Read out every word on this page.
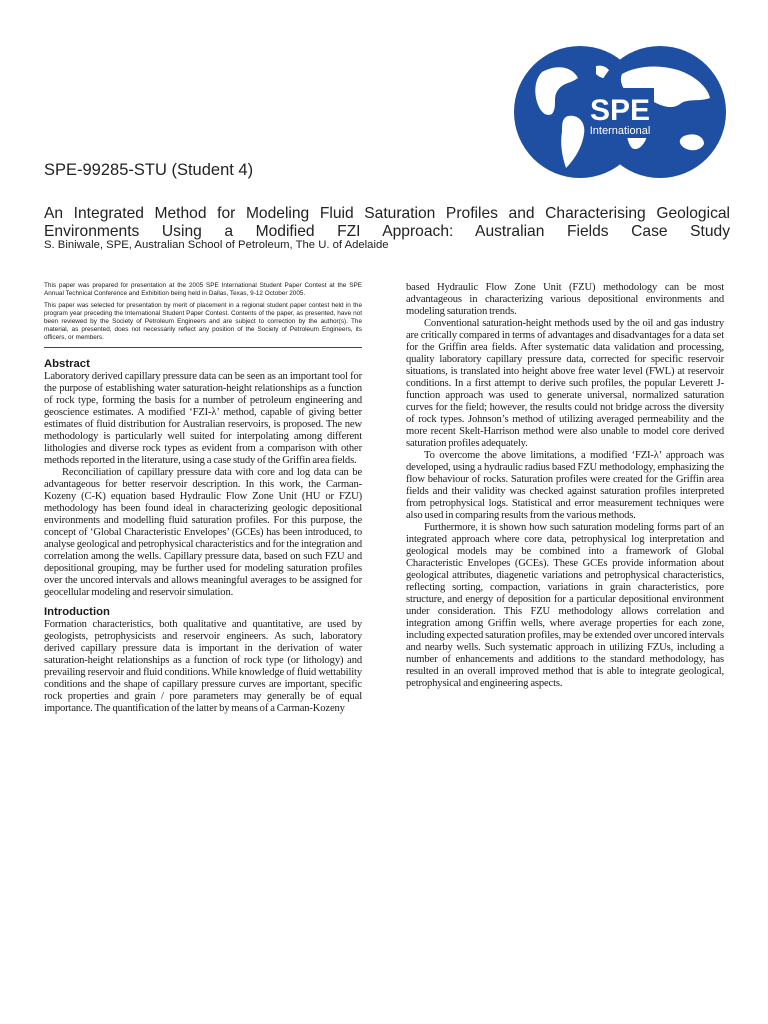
SPE
International
SPE-99285-STU (Student 4)
An Integrated Method for Modeling Fluid Saturation Profiles and Characterising Geological Environments Using a Modified FZI Approach: Australian Fields Case Study
S. Biniwale, SPE, Australian School of Petroleum, The U. of Adelaide

This paper was prepared for presentation at the 2005 SPE International Student Paper Contest at the SPE Annual Technical Conference and Exhibition being held in Dallas, Texas, 9-12 October 2005.

This paper was selected for presentation by merit of placement in a regional student paper contest held in the program year preceding the International Student Paper Contest. Contents of the paper, as presented, have not been reviewed by the Society of Petroleum Engineers and are subject to correction by the author(s). The material, as presented, does not necessarily reflect any position of the Society of Petroleum Engineers, its officers, or members.

Abstract

Laboratory derived capillary pressure data can be seen as an important tool for the purpose of establishing water saturation-height relationships as a function of rock type, forming the basis for a number of petroleum engineering and geoscience estimates. A modified ‘FZI-λ’ method, capable of giving better estimates of fluid distribution for Australian reservoirs, is proposed. The new methodology is particularly well suited for interpolating among different lithologies and diverse rock types as evident from a comparison with other methods reported in the literature, using a case study of the Griffin area fields.

Reconciliation of capillary pressure data with core and log data can be advantageous for better reservoir description. In this work, the Carman-Kozeny (C-K) equation based Hydraulic Flow Zone Unit (HU or FZU) methodology has been found ideal in characterizing geologic depositional environments and modelling fluid saturation profiles. For this purpose, the concept of ‘Global Characteristic Envelopes’ (GCEs) has been introduced, to analyse geological and petrophysical characteristics and for the integration and correlation among the wells. Capillary pressure data, based on such FZU and depositional grouping, may be further used for modeling saturation profiles over the uncored intervals and allows meaningful averages to be assigned for geocellular modeling and reservoir simulation.

Introduction

Formation characteristics, both qualitative and quantitative, are used by geologists, petrophysicists and reservoir engineers. As such, laboratory derived capillary pressure data is important in the derivation of water saturation-height relationships as a function of rock type (or lithology) and prevailing reservoir and fluid conditions. While knowledge of fluid wettability conditions and the shape of capillary pressure curves are important, specific rock properties and grain / pore parameters may generally be of equal importance. The quantification of the latter by means of a Carman-Kozeny

based Hydraulic Flow Zone Unit (FZU) methodology can be most advantageous in characterizing various depositional environments and modeling saturation trends.

Conventional saturation-height methods used by the oil and gas industry are critically compared in terms of advantages and disadvantages for a data set for the Griffin area fields. After systematic data validation and processing, quality laboratory capillary pressure data, corrected for specific reservoir situations, is translated into height above free water level (FWL) at reservoir conditions. In a first attempt to derive such profiles, the popular Leverett J-function approach was used to generate universal, normalized saturation curves for the field; however, the results could not bridge across the diversity of rock types. Johnson’s method of utilizing averaged permeability and the more recent Skelt-Harrison method were also unable to model core derived saturation profiles adequately.

To overcome the above limitations, a modified ‘FZI-λ’ approach was developed, using a hydraulic radius based FZU methodology, emphasizing the flow behaviour of rocks. Saturation profiles were created for the Griffin area fields and their validity was checked against saturation profiles interpreted from petrophysical logs. Statistical and error measurement techniques were also used in comparing results from the various methods.

Furthermore, it is shown how such saturation modeling forms part of an integrated approach where core data, petrophysical log interpretation and geological models may be combined into a framework of Global Characteristic Envelopes (GCEs). These GCEs provide information about geological attributes, diagenetic variations and petrophysical characteristics, reflecting sorting, compaction, variations in grain characteristics, pore structure, and energy of deposition for a particular depositional environment under consideration. This FZU methodology allows correlation and integration among Griffin wells, where average properties for each zone, including expected saturation profiles, may be extended over uncored intervals and nearby wells. Such systematic approach in utilizing FZUs, including a number of enhancements and additions to the standard methodology, has resulted in an overall improved method that is able to integrate geological, petrophysical and engineering aspects.
